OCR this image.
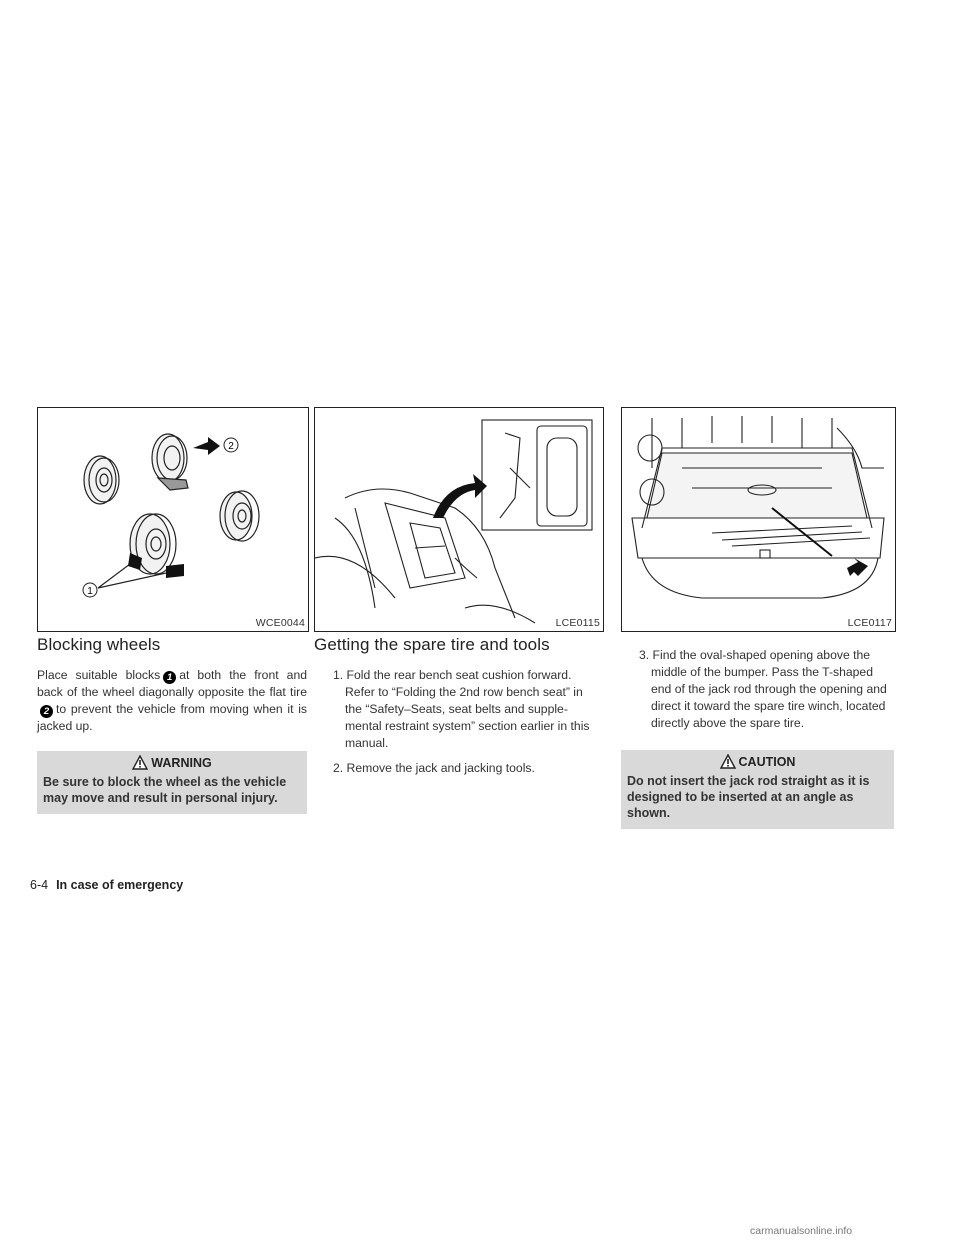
2
1
WCE0044	LCE0115	LCE0117
Blocking wheels

Place suitable blocks 1 at both the front and back of the wheel diagonally opposite the flat tire2 to prevent the vehicle from moving when it is jacked up.

WARNING

Be sure to block the wheel as the vehicle may move and result in personal injury.

Getting the spare tire and tools

1. Fold the rear bench seat cushion forward. Refer to “Folding the 2nd row bench seat” in the “Safety–Seats, seat belts and supple-mental restraint system” section earlier in this manual.

2. Remove the jack and jacking tools.

3. Find the oval-shaped opening above the middle of the bumper. Pass the T-shaped end of the jack rod through the opening and direct it toward the spare tire winch, located directly above the spare tire.

CAUTION

Do not insert the jack rod straight as it is designed to be inserted at an angle as shown.

6-4 In case of emergency
carmanualsonline.info
